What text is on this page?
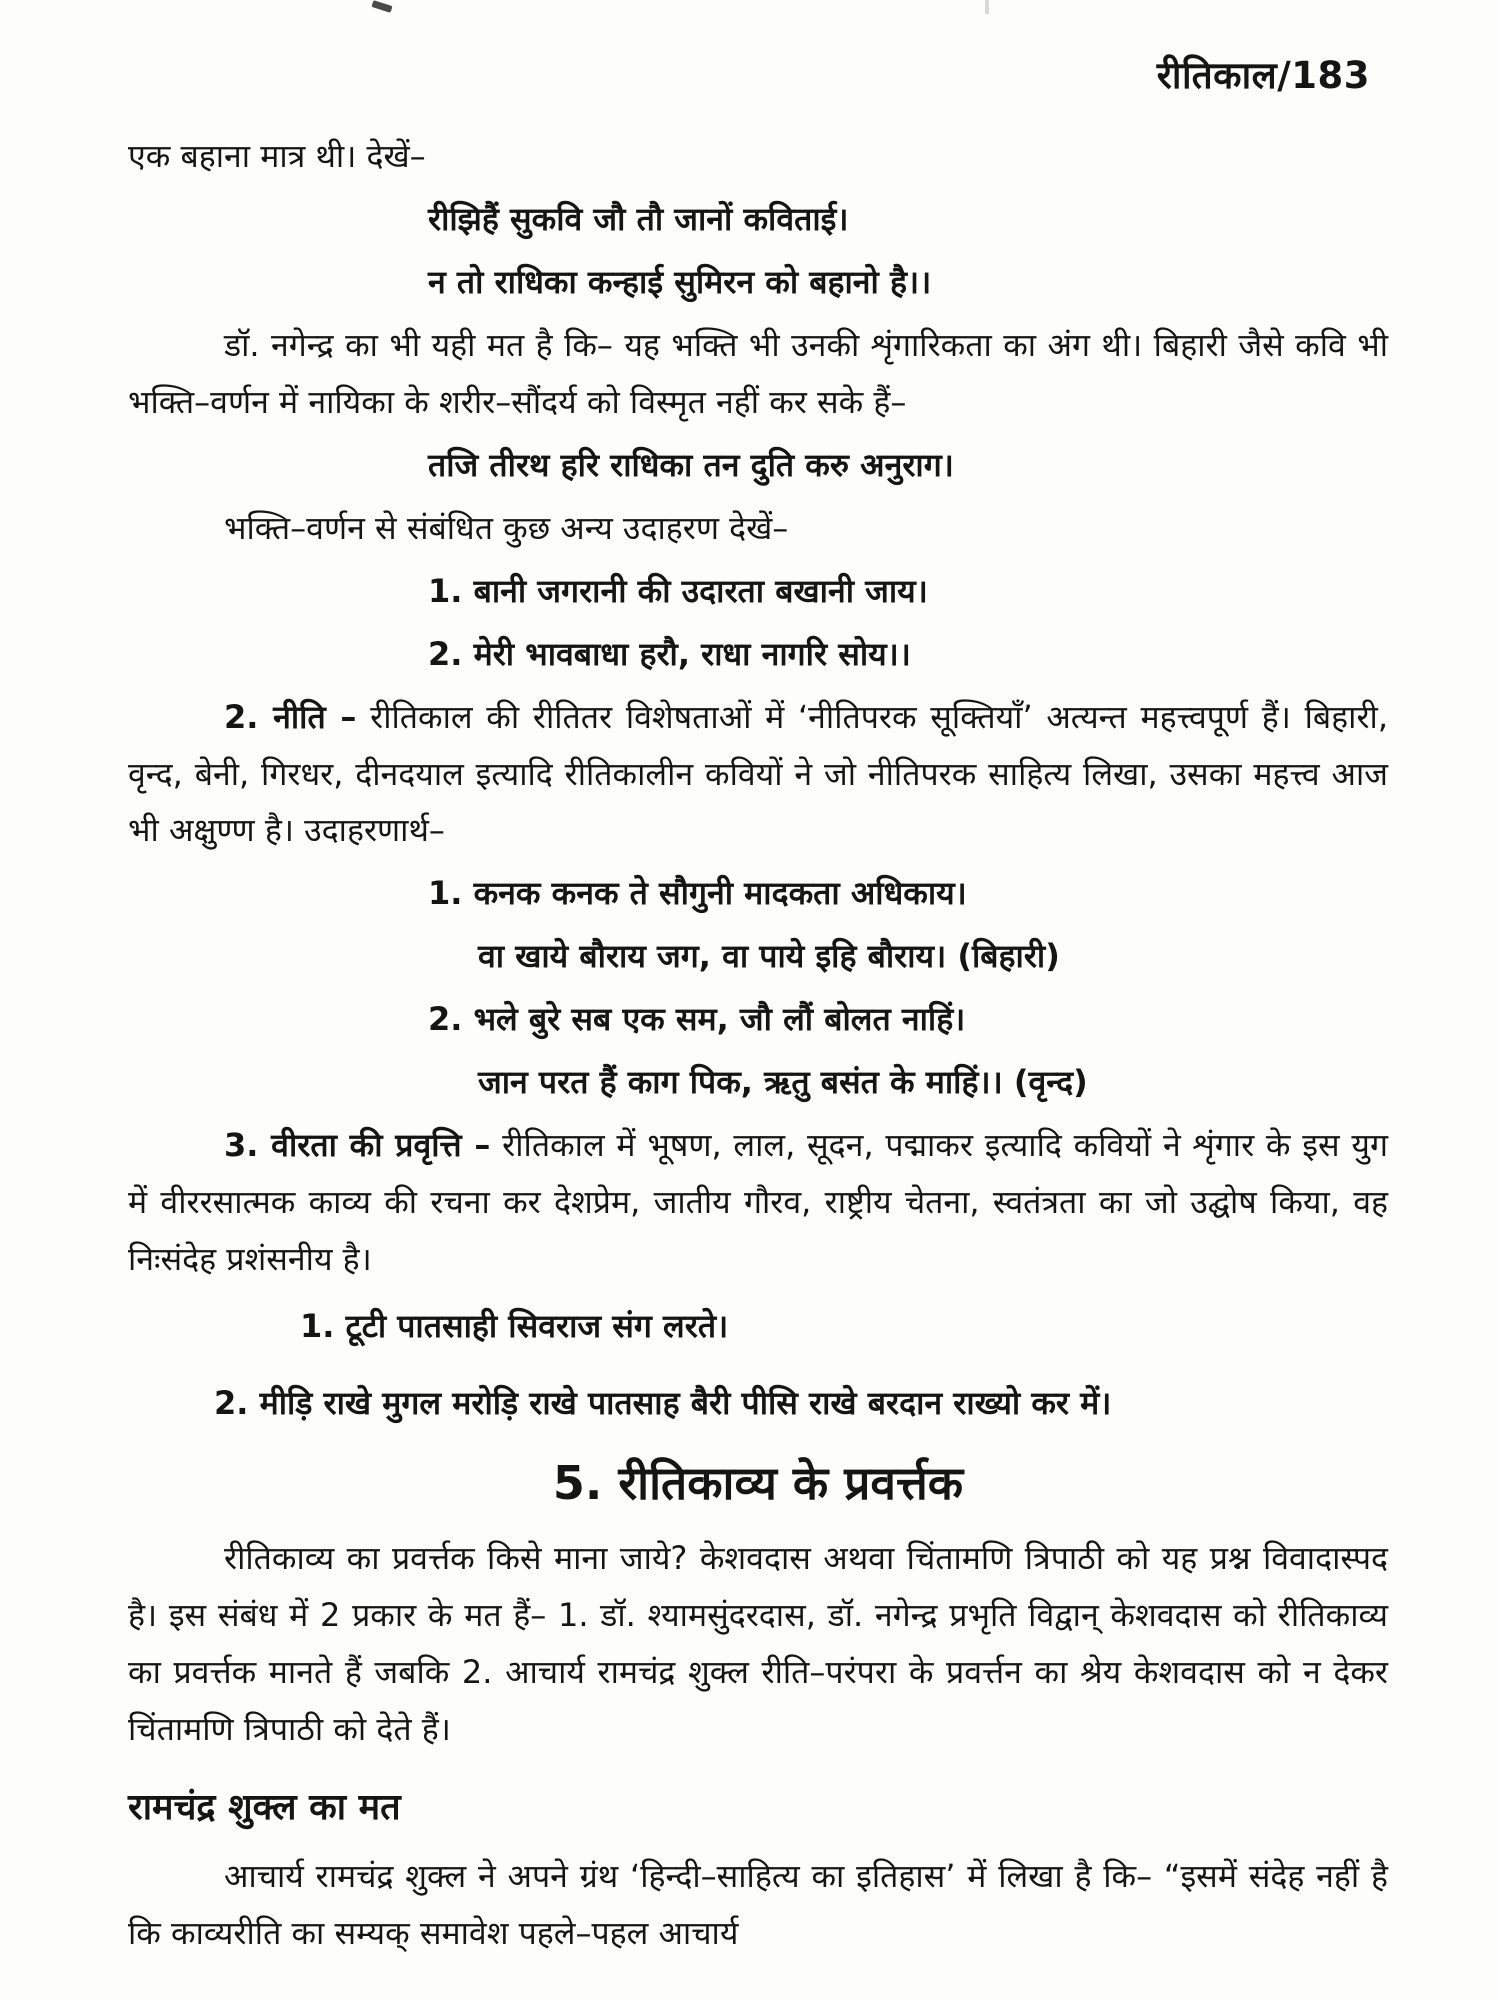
रीतिकाल/183
एक बहाना मात्र थी। देखें–
रीझिहैं सुकवि जौ तौ जानों कविताई।
न तो राधिका कन्हाई सुमिरन को बहानो है।।
डॉ. नगेन्द्र का भी यही मत है कि– यह भक्ति भी उनकी शृंगारिकता का अंग थी। बिहारी जैसे कवि भी भक्ति–वर्णन में नायिका के शरीर–सौंदर्य को विस्मृत नहीं कर सके हैं–
तजि तीरथ हरि राधिका तन दुति करु अनुराग।
भक्ति–वर्णन से संबंधित कुछ अन्य उदाहरण देखें–
1. बानी जगरानी की उदारता बखानी जाय।
2. मेरी भावबाधा हरौ, राधा नागरि सोय।।
2. नीति – रीतिकाल की रीतितर विशेषताओं में ‘नीतिपरक सूक्तियाँ’ अत्यन्त महत्त्वपूर्ण हैं। बिहारी, वृन्द, बेनी, गिरधर, दीनदयाल इत्यादि रीतिकालीन कवियों ने जो नीतिपरक साहित्य लिखा, उसका महत्त्व आज भी अक्षुण्ण है। उदाहरणार्थ–
1. कनक कनक ते सौगुनी मादकता अधिकाय।
वा खाये बौराय जग, वा पाये इहि बौराय। (बिहारी)
2. भले बुरे सब एक सम, जौ लौं बोलत नाहिं।
जान परत हैं काग पिक, ऋतु बसंत के माहिं।। (वृन्द)
3. वीरता की प्रवृत्ति – रीतिकाल में भूषण, लाल, सूदन, पद्माकर इत्यादि कवियों ने शृंगार के इस युग में वीररसात्मक काव्य की रचना कर देशप्रेम, जातीय गौरव, राष्ट्रीय चेतना, स्वतंत्रता का जो उद्घोष किया, वह निःसंदेह प्रशंसनीय है।
1. टूटी पातसाही सिवराज संग लरते।
2. मीड़ि राखे मुगल मरोड़ि राखे पातसाह बैरी पीसि राखे बरदान राख्यो कर में।
5. रीतिकाव्य के प्रवर्त्तक
रीतिकाव्य का प्रवर्त्तक किसे माना जाये? केशवदास अथवा चिंतामणि त्रिपाठी को यह प्रश्न विवादास्पद है। इस संबंध में 2 प्रकार के मत हैं– 1. डॉ. श्यामसुंदरदास, डॉ. नगेन्द्र प्रभृति विद्वान् केशवदास को रीतिकाव्य का प्रवर्त्तक मानते हैं जबकि 2. आचार्य रामचंद्र शुक्ल रीति–परंपरा के प्रवर्त्तन का श्रेय केशवदास को न देकर चिंतामणि त्रिपाठी को देते हैं।
रामचंद्र शुक्ल का मत
आचार्य रामचंद्र शुक्ल ने अपने ग्रंथ ‘हिन्दी–साहित्य का इतिहास’ में लिखा है कि– “इसमें संदेह नहीं है कि काव्यरीति का सम्यक् समावेश पहले–पहल आचार्य
